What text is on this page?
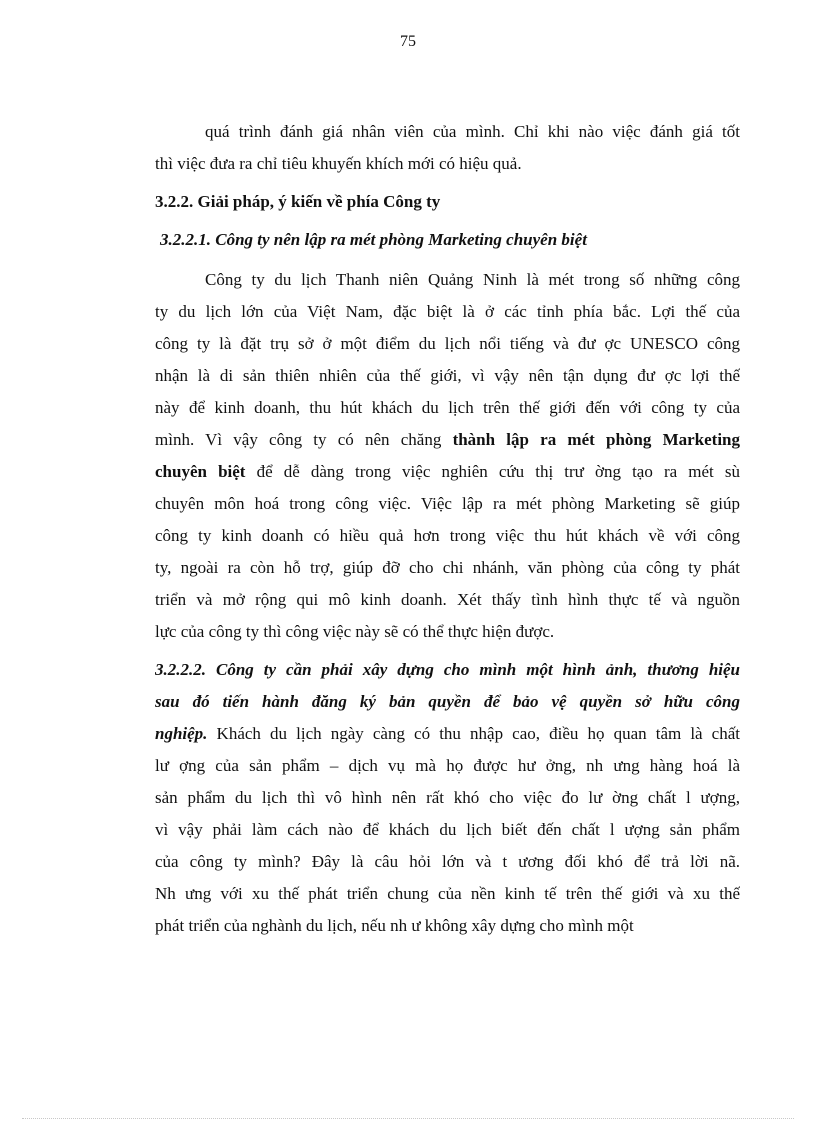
75
quá trình đánh giá nhân viên của mình. Chỉ khi nào việc đánh giá tốt
thì việc đưa ra chỉ tiêu khuyến khích mới có hiệu quả.
3.2.2. Giải pháp, ý kiến về phía Công ty
3.2.2.1. Công ty nên lập ra mét phòng Marketing chuyên biệt
Công ty du lịch Thanh niên Quảng Ninh là mét trong số những công
ty du lịch lớn của Việt Nam, đặc biệt là ở các tỉnh phía bắc. Lợi thế của
công ty là đặt trụ sở ở một điểm du lịch nổi tiếng và đư ợc UNESCO công
nhận là di sản thiên nhiên của thế giới, vì vậy nên tận dụng đư ợc lợi thế
này để kinh doanh, thu hút khách du lịch trên thế giới đến với công ty của
mình. Vì vậy công ty có nên chăng thành lập ra mét phòng Marketing
chuyên biệt để dễ dàng trong việc nghiên cứu thị trư ờng tạo ra mét sù
chuyên môn hoá trong công việc. Việc lập ra mét phòng Marketing sẽ giúp
công ty kinh doanh có hiều quả hơn trong việc thu hút khách về với công
ty, ngoài ra còn hỗ trợ, giúp đỡ cho chi nhánh, văn phòng của công ty phát
triển và mở rộng qui mô kinh doanh. Xét thấy tình hình thực tế và nguồn
lực của công ty thì công việc này sẽ có thể thực hiện được.
3.2.2.2. Công ty cần phải xây dựng cho mình một hình ảnh, thương hiệu
sau đó tiến hành đăng ký bản quyền để bảo vệ quyền sở hữu công
nghiệp. Khách du lịch ngày càng có thu nhập cao, điều họ quan tâm là chất
lư ợng của sản phẩm – dịch vụ mà họ được hư ởng, nh ưng hàng hoá là
sản phẩm du lịch thì vô hình nên rất khó cho việc đo lư ờng chất l ượng,
vì vậy phải làm cách nào để khách du lịch biết đến chất l ượng sản phẩm
của công ty mình? Đây là câu hỏi lớn và t ương đối khó để trả lời nã.
Nh ưng với xu thế phát triển chung của nền kinh tế trên thế giới và xu thế
phát triển của nghành du lịch, nếu nh ư không xây dựng cho mình một
